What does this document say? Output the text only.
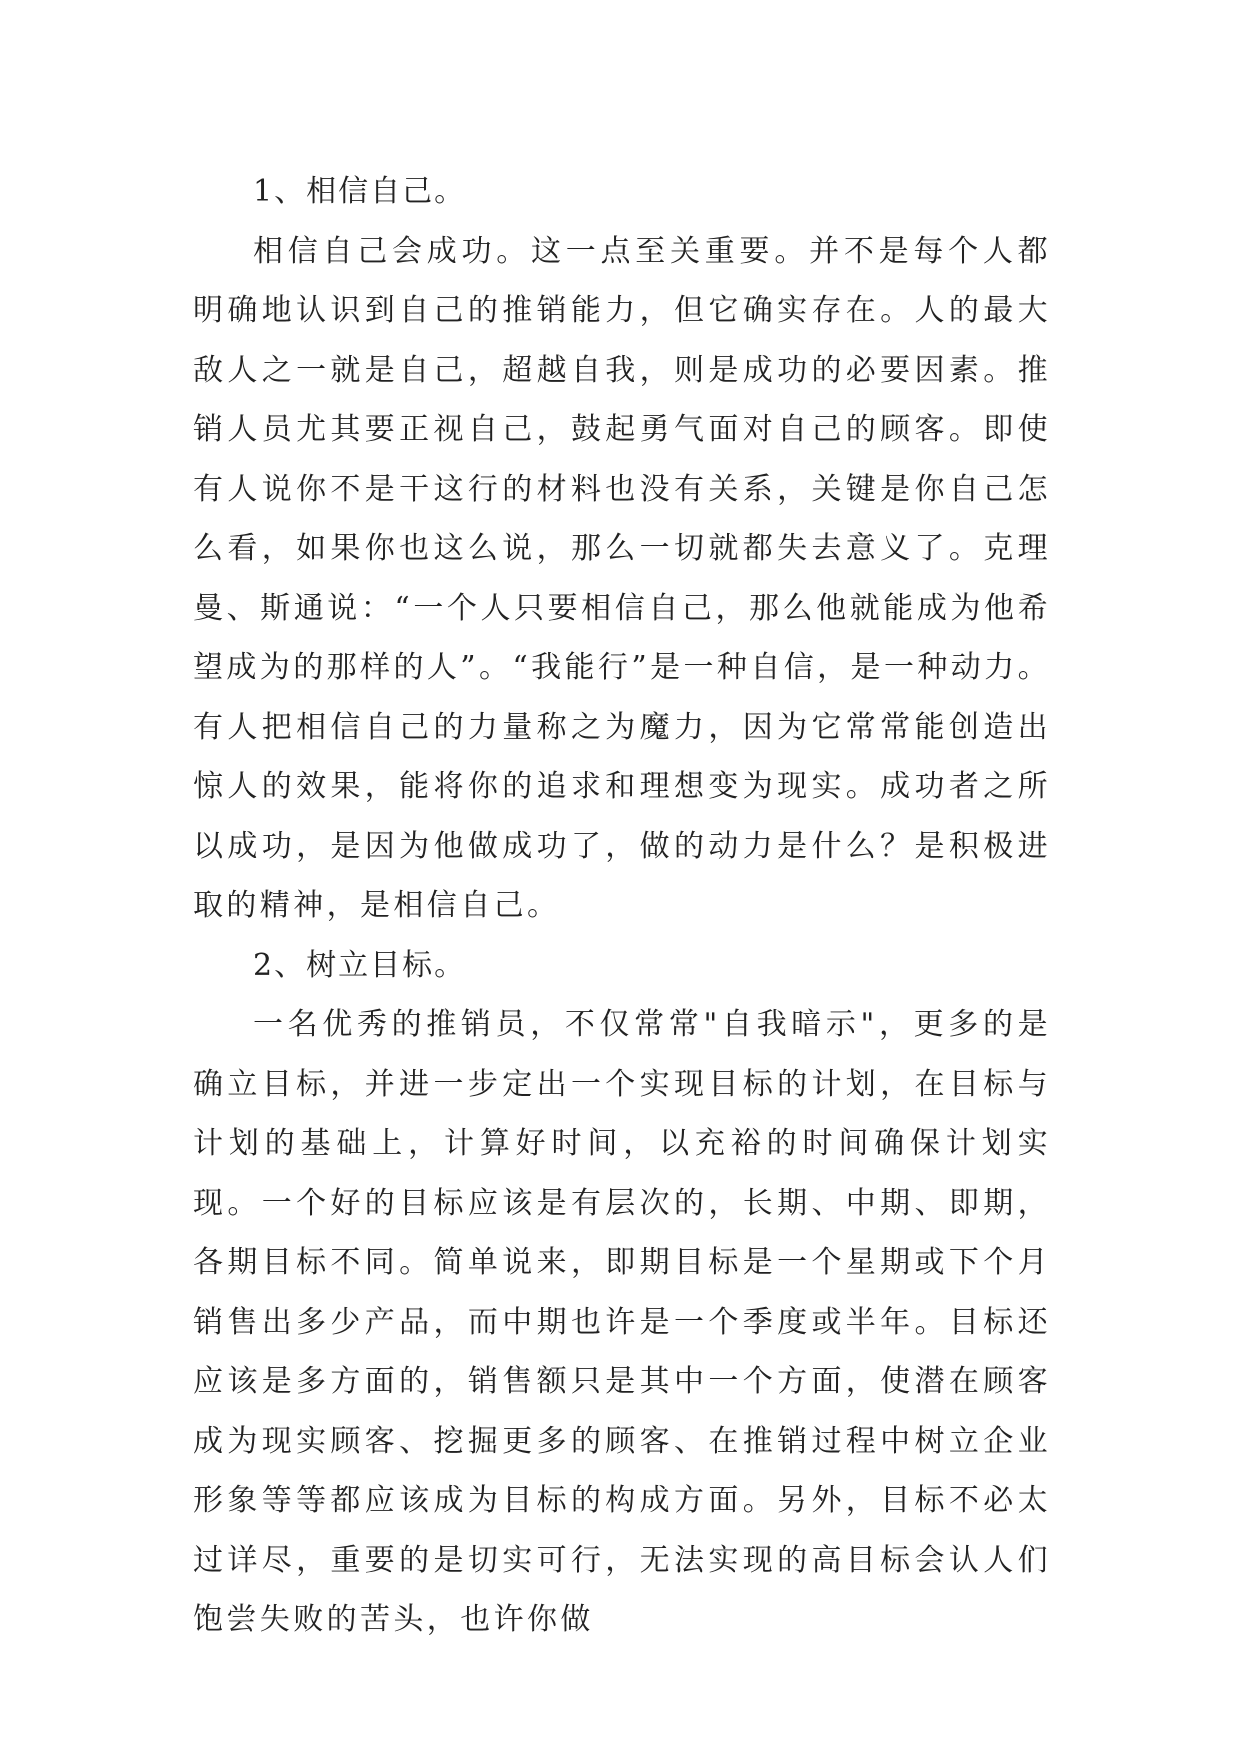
1、相信自己。

相信自己会成功。这一点至关重要。并不是每个人都明确地认识到自己的推销能力，但它确实存在。人的最大敌人之一就是自己，超越自我，则是成功的必要因素。推销人员尤其要正视自己，鼓起勇气面对自己的顾客。即使有人说你不是干这行的材料也没有关系，关键是你自己怎么看，如果你也这么说，那么一切就都失去意义了。克理曼、斯通说：“一个人只要相信自己，那么他就能成为他希望成为的那样的人”。“我能行”是一种自信，是一种动力。有人把相信自己的力量称之为魔力，因为它常常能创造出惊人的效果，能将你的追求和理想变为现实。成功者之所以成功，是因为他做成功了，做的动力是什么？是积极进取的精神，是相信自己。

2、树立目标。

一名优秀的推销员，不仅常常"自我暗示"，更多的是确立目标，并进一步定出一个实现目标的计划，在目标与计划的基础上，计算好时间，以充裕的时间确保计划实现。一个好的目标应该是有层次的，长期、中期、即期，各期目标不同。简单说来，即期目标是一个星期或下个月销售出多少产品，而中期也许是一个季度或半年。目标还应该是多方面的，销售额只是其中一个方面，使潜在顾客成为现实顾客、挖掘更多的顾客、在推销过程中树立企业形象等等都应该成为目标的构成方面。另外，目标不必太过详尽，重要的是切实可行，无法实现的高目标会认人们饱尝失败的苦头，也许你做
